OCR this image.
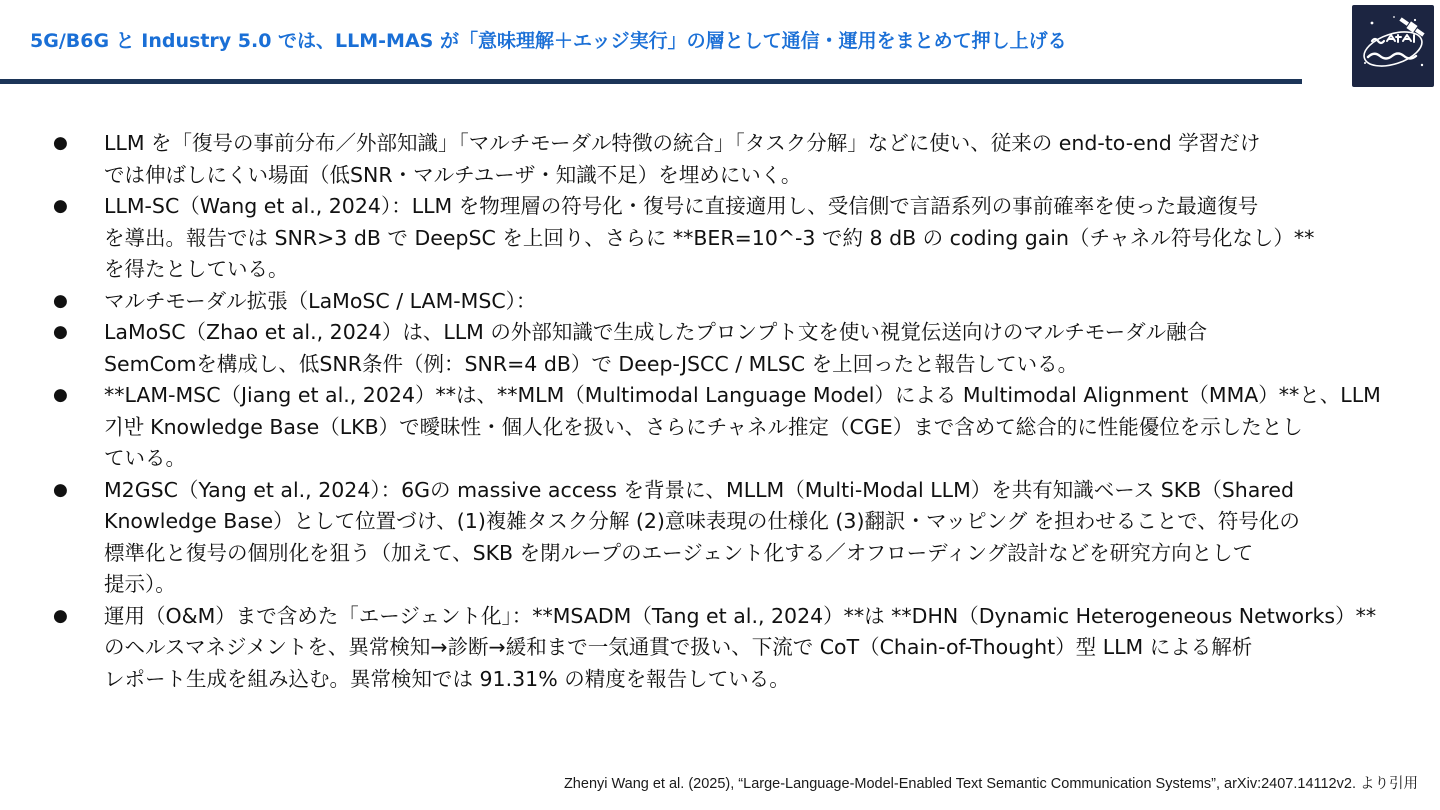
5G/B6G と Industry 5.0 では、LLM-MAS が「意味理解＋エッジ実行」の層として通信・運用をまとめて押し上げる
● LLM を「復号の事前分布／外部知識」「マルチモーダル特徴の統合」「タスク分解」などに使い、従来の end-to-end 学習だけ
では伸ばしにくい場面（低SNR・マルチユーザ・知識不足）を埋めにいく。
● LLM-SC（Wang et al., 2024）：LLM を物理層の符号化・復号に直接適用し、受信側で言語系列の事前確率を使った最適復号
を導出。報告では SNR>3 dB で DeepSC を上回り、さらに **BER=10^-3 で約 8 dB の coding gain（チャネル符号化なし）**
を得たとしている。
● マルチモーダル拡張（LaMoSC / LAM-MSC）：
● LaMoSC（Zhao et al., 2024）は、LLM の外部知識で生成したプロンプト文を使い視覚伝送向けのマルチモーダル融合
SemComを構成し、低SNR条件（例：SNR=4 dB）で Deep-JSCC / MLSC を上回ったと報告している。
● **LAM-MSC（Jiang et al., 2024）**は、**MLM（Multimodal Language Model）による Multimodal Alignment（MMA）**と、LLM
기반 Knowledge Base（LKB）で曖昧性・個人化を扱い、さらにチャネル推定（CGE）まで含めて総合的に性能優位を示したとし
ている。
● M2GSC（Yang et al., 2024）：6Gの massive access を背景に、MLLM（Multi-Modal LLM）を共有知識ベース SKB（Shared
Knowledge Base）として位置づけ、(1)複雑タスク分解 (2)意味表現の仕様化 (3)翻訳・マッピング を担わせることで、符号化の
標準化と復号の個別化を狙う（加えて、SKB を閉ループのエージェント化する／オフローディング設計などを研究方向として
提示）。
● 運用（O&M）まで含めた「エージェント化」：**MSADM（Tang et al., 2024）**は **DHN（Dynamic Heterogeneous Networks）**
のヘルスマネジメントを、異常検知→診断→緩和まで一気通貫で扱い、下流で CoT（Chain-of-Thought）型 LLM による解析
レポート生成を組み込む。異常検知では 91.31% の精度を報告している。
Zhenyi Wang et al. (2025), “Large-Language-Model-Enabled Text Semantic Communication Systems”, arXiv:2407.14112v2. より引用
